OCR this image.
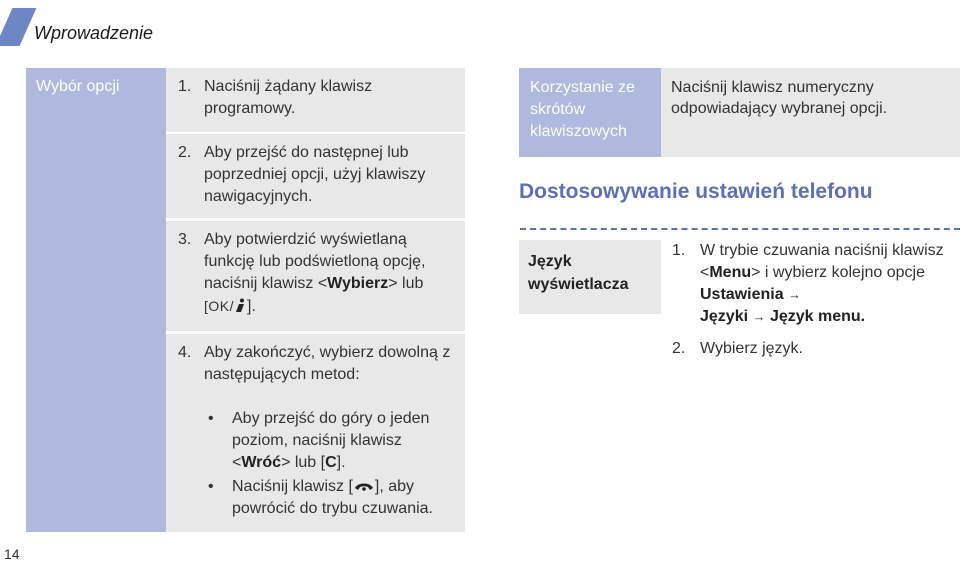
Wprowadzenie
Wybór opcji	1. Naciśnij żądany klawisz programowy.
2. Aby przejść do następnej lub poprzedniej opcji, użyj klawiszy nawigacyjnych.
3. Aby potwierdzić wyświetlaną funkcję lub podświetloną opcję, naciśnij klawisz <Wybierz> lub
[OK/ ].
4. Aby zakończyć, wybierz dowolną z następujących metod:
• Aby przejść do góry o jeden poziom, naciśnij klawisz <Wróć> lub [C].
• Naciśnij klawisz [ ], aby powrócić do trybu czuwania.
Korzystanie ze skrótów klawiszowych
Naciśnij klawisz numeryczny odpowiadający wybranej opcji.
Dostosowywanie ustawień telefonu
Język wyświetlacza
1. W trybie czuwania naciśnij klawisz <Menu> i wybierz kolejno opcje Ustawienia →
Języki → Język menu.
2. Wybierz język.
14
